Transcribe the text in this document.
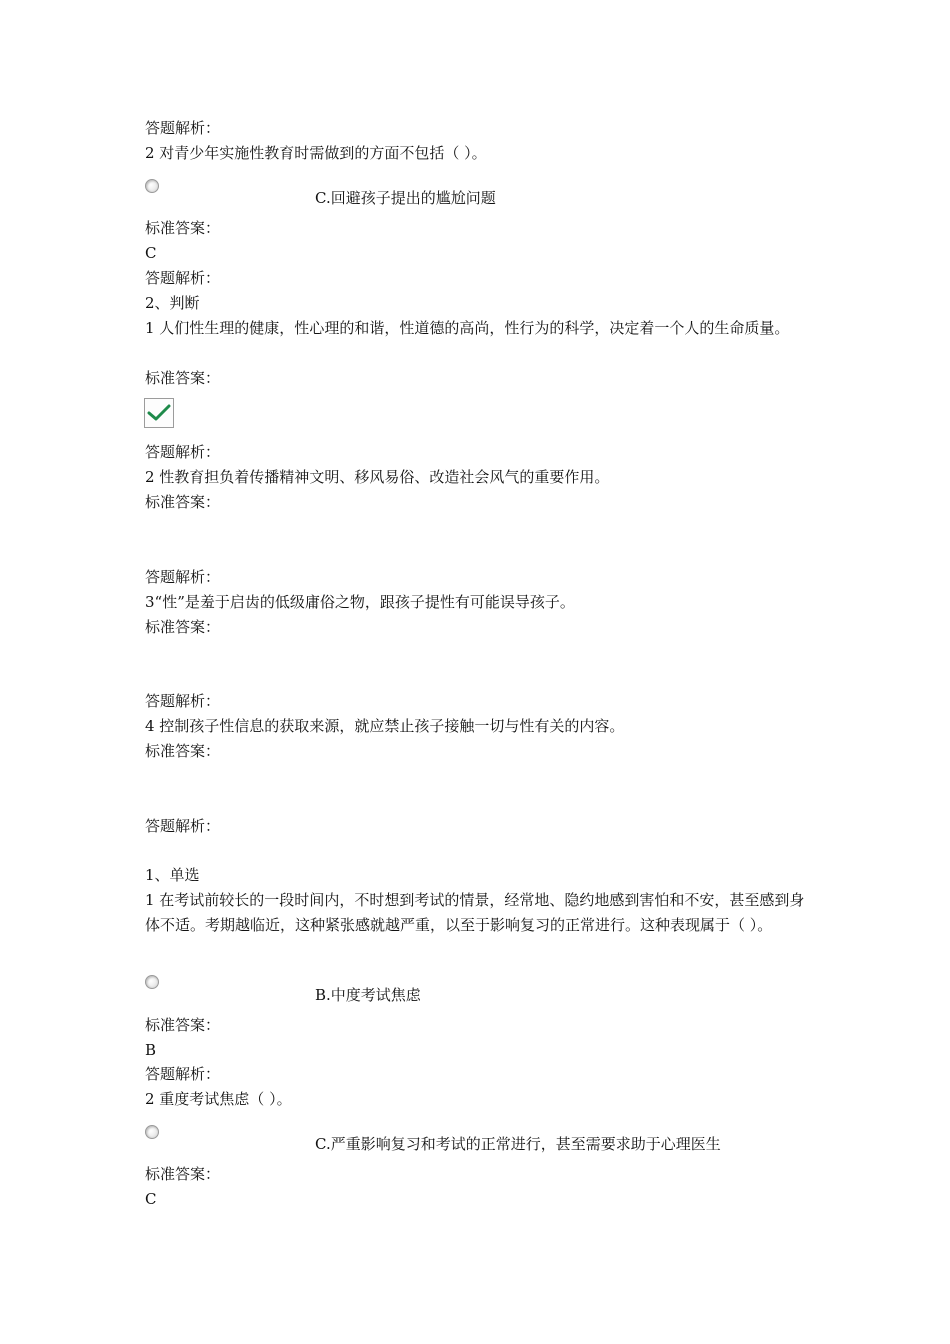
答题解析：
2 对青少年实施性教育时需做到的方面不包括（ ）。
C.回避孩子提出的尴尬问题
标准答案：
C
答题解析：
2、判断
1 人们性生理的健康，性心理的和谐，性道德的高尚，性行为的科学，决定着一个人的生命质量。
标准答案：
答题解析：
2 性教育担负着传播精神文明、移风易俗、改造社会风气的重要作用。
标准答案：
答题解析：
3“性”是羞于启齿的低级庸俗之物，跟孩子提性有可能误导孩子。
标准答案：
答题解析：
4 控制孩子性信息的获取来源，就应禁止孩子接触一切与性有关的内容。
标准答案：
答题解析：
1、单选
1 在考试前较长的一段时间内，不时想到考试的情景，经常地、隐约地感到害怕和不安，甚至感到身体不适。考期越临近，这种紧张感就越严重，以至于影响复习的正常进行。这种表现属于（ ）。
B.中度考试焦虑
标准答案：
B
答题解析：
2 重度考试焦虑（ ）。
C.严重影响复习和考试的正常进行，甚至需要求助于心理医生
标准答案：
C
